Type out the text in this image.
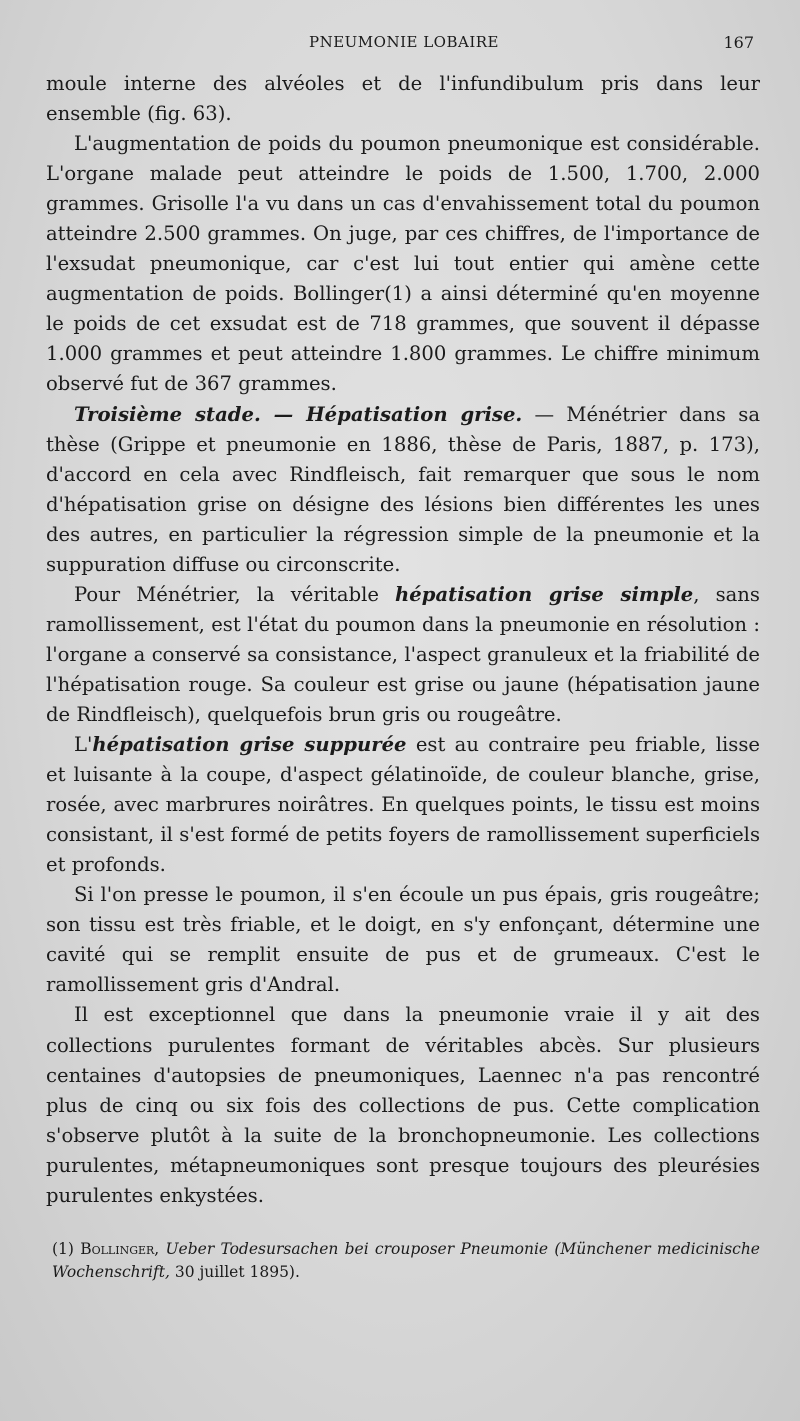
PNEUMONIE LOBAIRE	167

moule interne des alvéoles et de l'infundibulum pris dans leur ensemble (fig. 63).

L'augmentation de poids du poumon pneumonique est considérable. L'organe malade peut atteindre le poids de 1.500, 1.700, 2.000 grammes. Grisolle l'a vu dans un cas d'envahissement total du poumon atteindre 2.500 grammes. On juge, par ces chiffres, de l'importance de l'exsudat pneumonique, car c'est lui tout entier qui amène cette augmentation de poids. Bollinger(1) a ainsi déterminé qu'en moyenne le poids de cet exsudat est de 718 grammes, que souvent il dépasse 1.000 grammes et peut atteindre 1.800 grammes. Le chiffre minimum observé fut de 367 grammes.

Troisième stade. — Hépatisation grise. — Ménétrier dans sa thèse (Grippe et pneumonie en 1886, thèse de Paris, 1887, p. 173), d'accord en cela avec Rindfleisch, fait remarquer que sous le nom d'hépatisation grise on désigne des lésions bien différentes les unes des autres, en particulier la régression simple de la pneumonie et la suppuration diffuse ou circonscrite.

Pour Ménétrier, la véritable hépatisation grise simple, sans ramollissement, est l'état du poumon dans la pneumonie en résolution : l'organe a conservé sa consistance, l'aspect granuleux et la friabilité de l'hépatisation rouge. Sa couleur est grise ou jaune (hépatisation jaune de Rindfleisch), quelquefois brun gris ou rougeâtre.

L'hépatisation grise suppurée est au contraire peu friable, lisse et luisante à la coupe, d'aspect gélatinoïde, de couleur blanche, grise, rosée, avec marbrures noirâtres. En quelques points, le tissu est moins consistant, il s'est formé de petits foyers de ramollissement superficiels et profonds.

Si l'on presse le poumon, il s'en écoule un pus épais, gris rougeâtre; son tissu est très friable, et le doigt, en s'y enfonçant, détermine une cavité qui se remplit ensuite de pus et de grumeaux. C'est le ramollissement gris d'Andral.

Il est exceptionnel que dans la pneumonie vraie il y ait des collections purulentes formant de véritables abcès. Sur plusieurs centaines d'autopsies de pneumoniques, Laennec n'a pas rencontré plus de cinq ou six fois des collections de pus. Cette complication s'observe plutôt à la suite de la bronchopneumonie. Les collections purulentes, métapneumoniques sont presque toujours des pleurésies purulentes enkystées.

(1) Bollinger, Ueber Todesursachen bei crouposer Pneumonie (Münchener medicinische Wochenschrift, 30 juillet 1895).
